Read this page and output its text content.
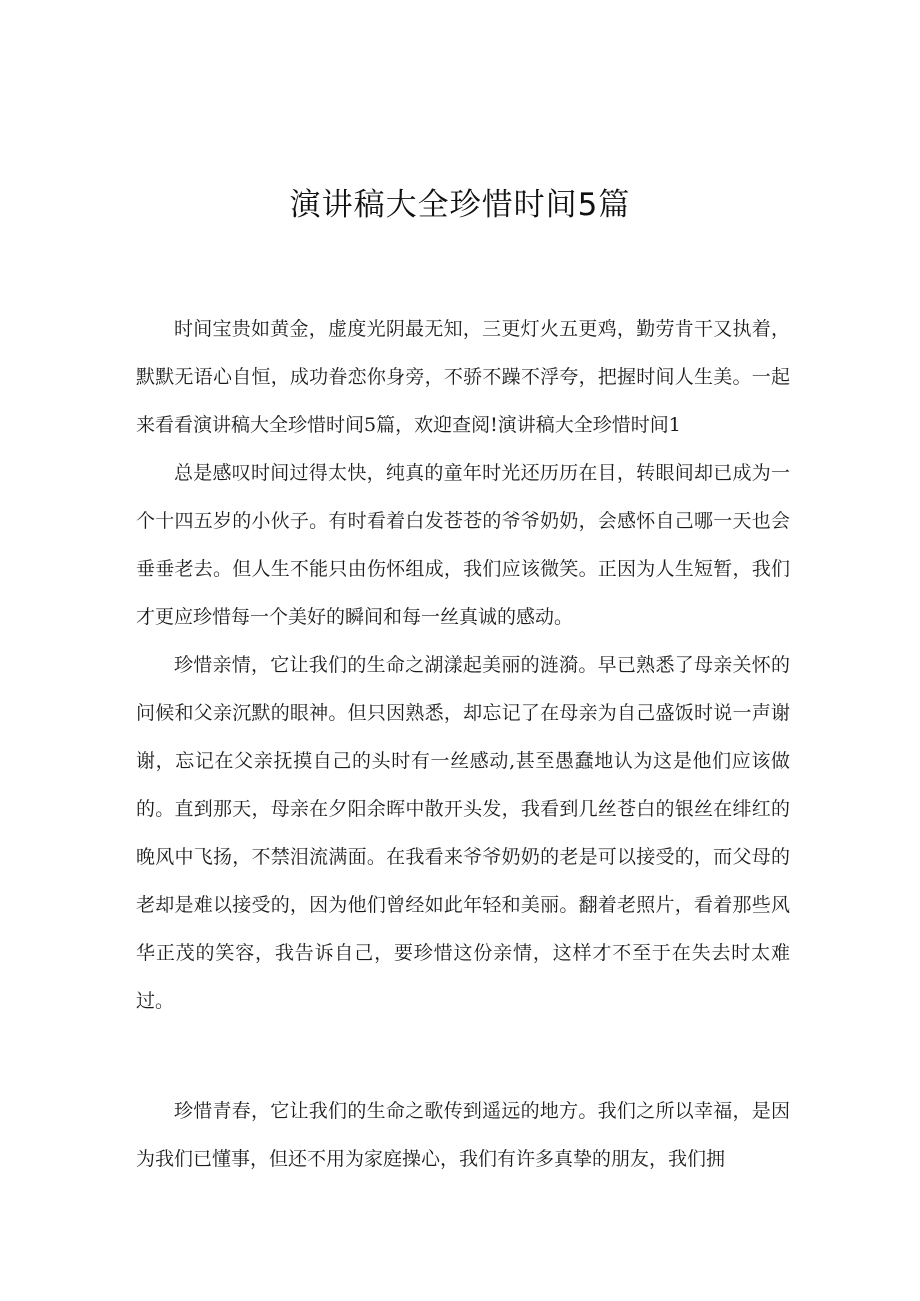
演讲稿大全珍惜时间5篇

时间宝贵如黄金，虚度光阴最无知，三更灯火五更鸡，勤劳肯干又执着，默默无语心自恒，成功眷恋你身旁，不骄不躁不浮夸，把握时间人生美。一起来看看演讲稿大全珍惜时间5篇，欢迎查阅!演讲稿大全珍惜时间1

总是感叹时间过得太快，纯真的童年时光还历历在目，转眼间却已成为一个十四五岁的小伙子。有时看着白发苍苍的爷爷奶奶，会感怀自己哪一天也会垂垂老去。但人生不能只由伤怀组成，我们应该微笑。正因为人生短暂，我们才更应珍惜每一个美好的瞬间和每一丝真诚的感动。

珍惜亲情，它让我们的生命之湖漾起美丽的涟漪。早已熟悉了母亲关怀的问候和父亲沉默的眼神。但只因熟悉，却忘记了在母亲为自己盛饭时说一声谢谢，忘记在父亲抚摸自己的头时有一丝感动,甚至愚蠢地认为这是他们应该做的。直到那天，母亲在夕阳余晖中散开头发，我看到几丝苍白的银丝在绯红的晚风中飞扬，不禁泪流满面。在我看来爷爷奶奶的老是可以接受的，而父母的老却是难以接受的，因为他们曾经如此年轻和美丽。翻着老照片，看着那些风华正茂的笑容，我告诉自己，要珍惜这份亲情，这样才不至于在失去时太难过。

珍惜青春，它让我们的生命之歌传到遥远的地方。我们之所以幸福，是因为我们已懂事，但还不用为家庭操心，我们有许多真挚的朋友，我们拥
